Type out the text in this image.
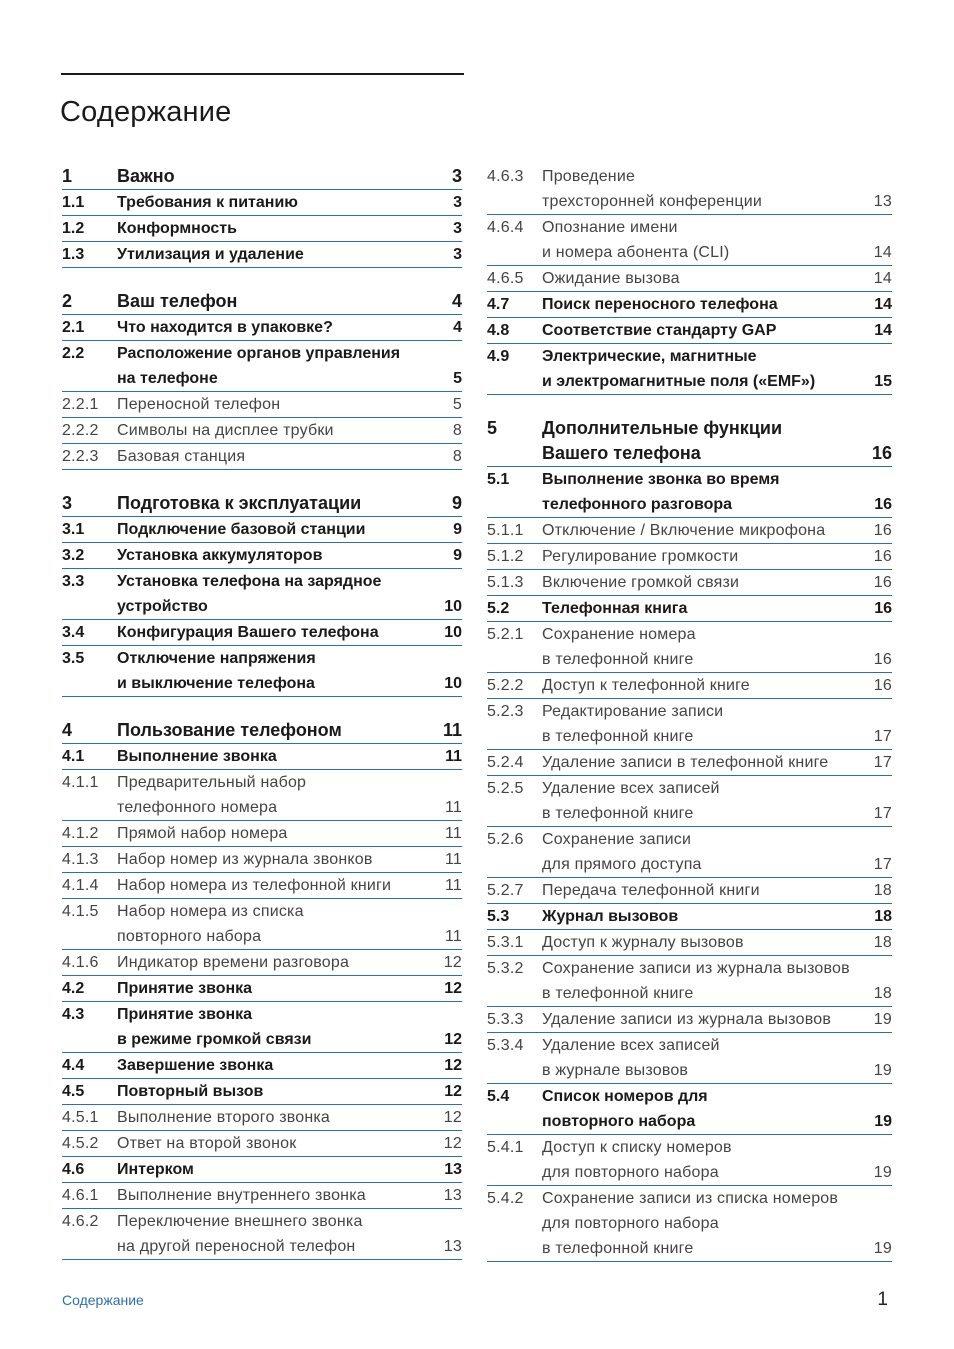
Содержание
1	Важно	3
1.1	Требования к питанию	3
1.2	Конформность	3
1.3	Утилизация и удаление	3
2	Ваш телефон	4
2.1	Что находится в упаковке?	4
2.2	Расположение органов управления
на телефоне	5
2.2.1	Переносной телефон	5
2.2.2	Символы на дисплее трубки	8
2.2.3	Базовая станция	8
3	Подготовка к эксплуатации	9
3.1	Подключение базовой станции	9
3.2	Установка аккумуляторов	9
3.3	Установка телефона на зарядное
устройство	10
3.4	Конфигурация Вашего телефона	10
3.5	Отключение напряжения
и выключение телефона	10
4	Пользование телефоном	11
4.1	Выполнение звонка	11
4.1.1	Предварительный набор
телефонного номера	11
4.1.2	Прямой набор номера	11
4.1.3	Набор номер из журнала звонков	11
4.1.4	Набор номера из телефонной книги	11
4.1.5	Набор номера из списка
повторного набора	11
4.1.6	Индикатор времени разговора	12
4.2	Принятие звонка	12
4.3	Принятие звонка
в режиме громкой связи	12
4.4	Завершение звонка	12
4.5	Повторный вызов	12
4.5.1	Выполнение второго звонка	12
4.5.2	Ответ на второй звонок	12
4.6	Интерком	13
4.6.1	Выполнение внутреннего звонка	13
4.6.2	Переключение внешнего звонка
на другой переносной телефон	13
4.6.3	Проведение
трехсторонней конференции	13
4.6.4	Опознание имени
и номера абонента (CLI)	14
4.6.5	Ожидание вызова	14
4.7	Поиск переносного телефона	14
4.8	Соответствие стандарту GAP	14
4.9	Электрические, магнитные
и электромагнитные поля («EMF»)	15
5	Дополнительные функции
Вашего телефона	16
5.1	Выполнение звонка во время
телефонного разговора	16
5.1.1	Отключение / Включение микрофона	16
5.1.2	Регулирование громкости	16
5.1.3	Включение громкой связи	16
5.2	Телефонная книга	16
5.2.1	Сохранение номера
в телефонной книге	16
5.2.2	Доступ к телефонной книге	16
5.2.3	Редактирование записи
в телефонной книге	17
5.2.4	Удаление записи в телефонной книге	17
5.2.5	Удаление всех записей
в телефонной книге	17
5.2.6	Сохранение записи
для прямого доступа	17
5.2.7	Передача телефонной книги	18
5.3	Журнал вызовов	18
5.3.1	Доступ к журналу вызовов	18
5.3.2	Сохранение записи из журнала вызовов
в телефонной книге	18
5.3.3	Удаление записи из журнала вызовов	19
5.3.4	Удаление всех записей
в журнале вызовов	19
5.4	Список номеров для
повторного набора	19
5.4.1	Доступ к списку номеров
для повторного набора	19
5.4.2	Сохранение записи из списка номеров
для повторного набора
в телефонной книге	19
Содержание	1
